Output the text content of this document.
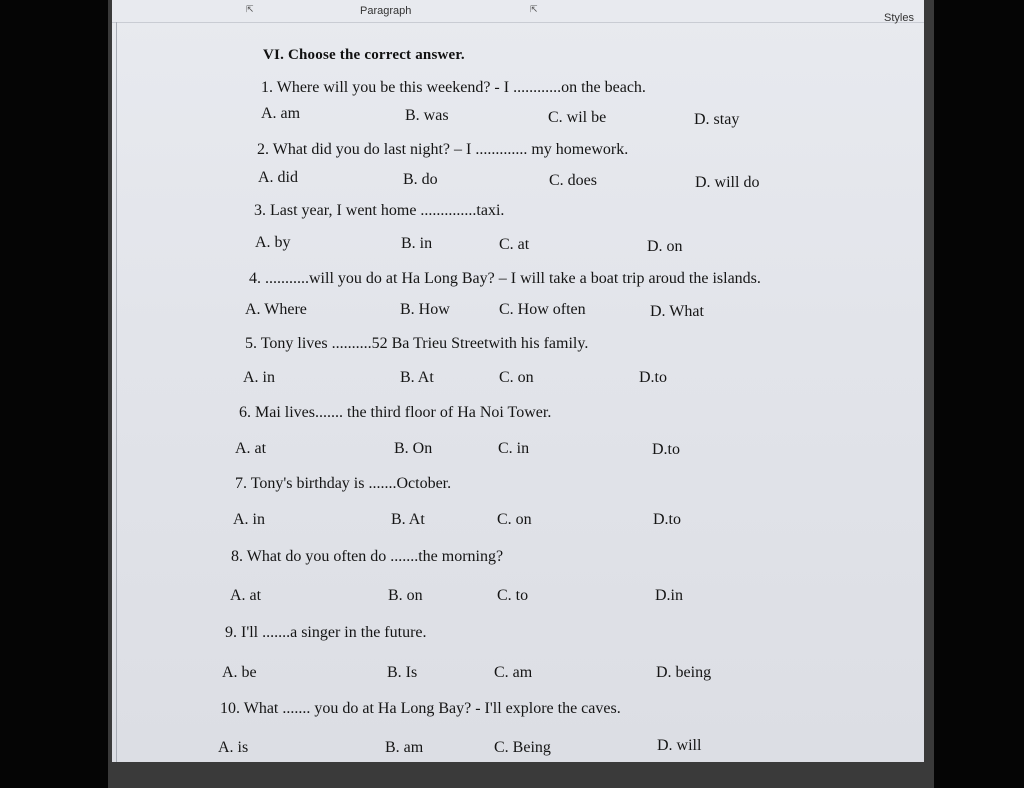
⇱	Paragraph	⇱
Styles
VI. Choose the correct answer.
1. Where will you be this weekend? - I ............on the beach.
A. am	B. was	C. wil be	D. stay
2. What did you do last night? – I ............. my homework.
A. did	B. do	C. does	D. will do
3. Last year, I went home ..............taxi.
A. by	B. in	C. at	D. on
4. ...........will you do at Ha Long Bay? – I will take a boat trip aroud the islands.
A. Where	B. How	C. How often	D. What
5. Tony lives ..........52 Ba Trieu Streetwith his family.
A. in	B. At	C. on	D.to
6. Mai lives....... the third floor of Ha Noi Tower.
A. at	B. On	C. in	D.to
7. Tony's birthday is .......October.
A. in	B. At	C. on	D.to
8. What do you often do .......the morning?
A. at	B. on	C. to	D.in
9. I'll .......a singer in the future.
A. be	B. Is	C. am	D. being
10. What ....... you do at Ha Long Bay? - I'll explore the caves.
A. is	B. am	C. Being	D. will
